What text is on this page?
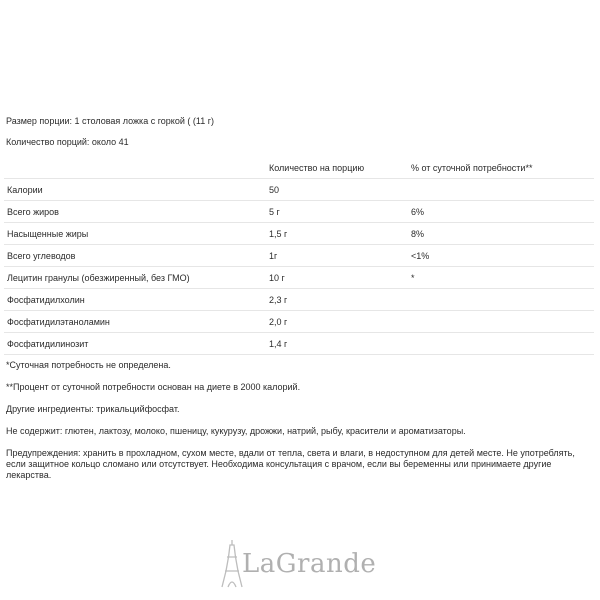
Размер порции: 1 столовая ложка с горкой ( (11 г)
Количество порций: около 41
	Количество на порцию	% от суточной потребности**
Калории	50	
Всего жиров	5 г	6%
Насыщенные жиры	1,5 г	8%
Всего углеводов	1г	<1%
Лецитин гранулы (обезжиренный, без ГМО)	10 г	*
Фосфатидилхолин	2,3 г	
Фосфатидилэтаноламин	2,0 г	
Фосфатидилинозит	1,4 г	

*Суточная потребность не определена.

**Процент от суточной потребности основан на диете в 2000 калорий.

Другие ингредиенты: трикальцийфосфат.

Не содержит: глютен, лактозу, молоко, пшеницу, кукурузу, дрожжи, натрий, рыбу, красители и ароматизаторы.

Предупреждения: хранить в прохладном, сухом месте, вдали от тепла, света и влаги, в недоступном для детей месте. Не употреблять, если защитное кольцо сломано или отсутствует. Необходима консультация с врачом, если вы беременны или принимаете другие лекарства.

LaGrande
